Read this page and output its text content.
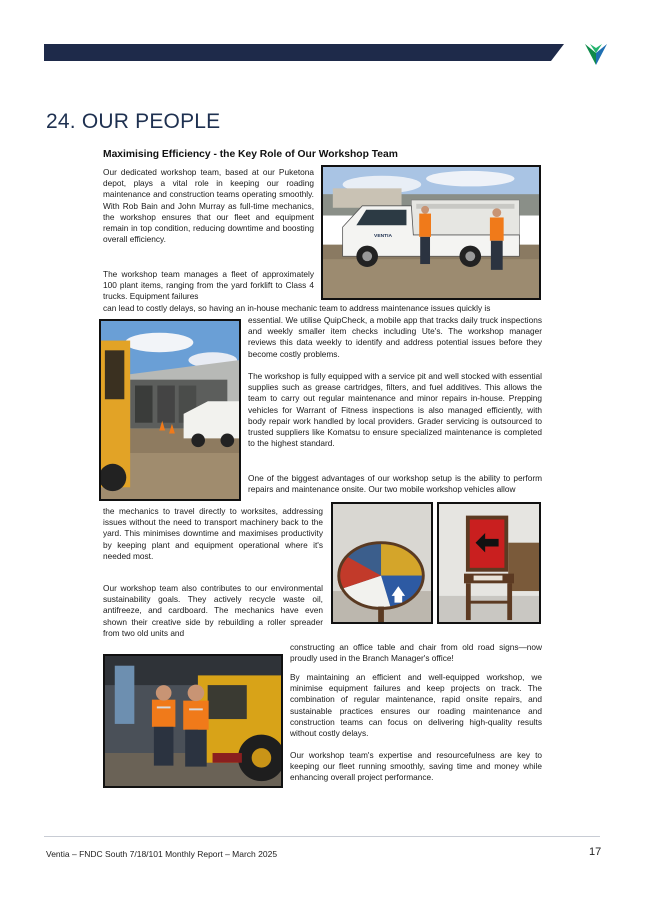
24. OUR PEOPLE
Maximising Efficiency - the Key Role of Our Workshop Team
VENTIA
Our dedicated workshop team, based at our Puketona depot, plays a vital role in keeping our roading maintenance and construction teams operating smoothly. With Rob Bain and John Murray as full-time mechanics, the workshop ensures that our fleet and equipment remain in top condition, reducing downtime and boosting overall efficiency.
The workshop team manages a fleet of approximately 100 plant items, ranging from the yard forklift to Class 4 trucks. Equipment failures
can lead to costly delays, so having an in-house mechanic team to address maintenance issues quickly is
essential. We utilise QuipCheck, a mobile app that tracks daily truck inspections and weekly smaller item checks including Ute's. The workshop manager reviews this data weekly to identify and address potential issues before they become costly problems.
The workshop is fully equipped with a service pit and well stocked with essential supplies such as grease cartridges, filters, and fuel additives. This allows the team to carry out regular maintenance and minor repairs in-house. Prepping vehicles for Warrant of Fitness inspections is also managed efficiently, with body repair work handled by local providers. Grader servicing is outsourced to trusted suppliers like Komatsu to ensure specialized maintenance is completed to the highest standard.
One of the biggest advantages of our workshop setup is the ability to perform repairs and maintenance onsite. Our two mobile workshop vehicles allow
the mechanics to travel directly to worksites, addressing issues without the need to transport machinery back to the yard. This minimises downtime and maximises productivity by keeping plant and equipment operational where it's needed most.
Our workshop team also contributes to our environmental sustainability goals. They actively recycle waste oil, antifreeze, and cardboard. The mechanics have even shown their creative side by rebuilding a roller spreader from two old units and
constructing an office table and chair from old road signs—now proudly used in the Branch Manager's office!
By maintaining an efficient and well-equipped workshop, we minimise equipment failures and keep projects on track. The combination of regular maintenance, rapid onsite repairs, and sustainable practices ensures our roading maintenance and construction teams can focus on delivering high-quality results without costly delays.
Our workshop team's expertise and resourcefulness are key to keeping our fleet running smoothly, saving time and money while enhancing overall project performance.
Ventia – FNDC South 7/18/101 Monthly Report – March 2025	17
